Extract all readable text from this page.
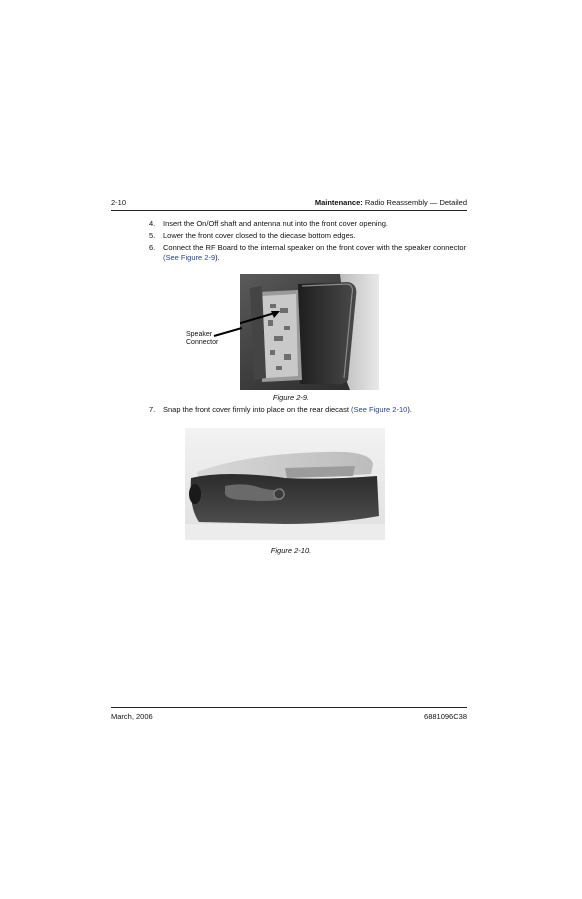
2-10	Maintenance: Radio Reassembly — Detailed
4. Insert the On/Off shaft and antenna nut into the front cover opening.
5. Lower the front cover closed to the diecase bottom edges.
6. Connect the RF Board to the internal speaker on the front cover with the speaker connector
(See Figure 2-9).
Speaker
Connector
Figure 2-9.
7. Snap the front cover firmly into place on the rear diecast (See Figure 2-10).
Figure 2-10.
March, 2006	6881096C38
